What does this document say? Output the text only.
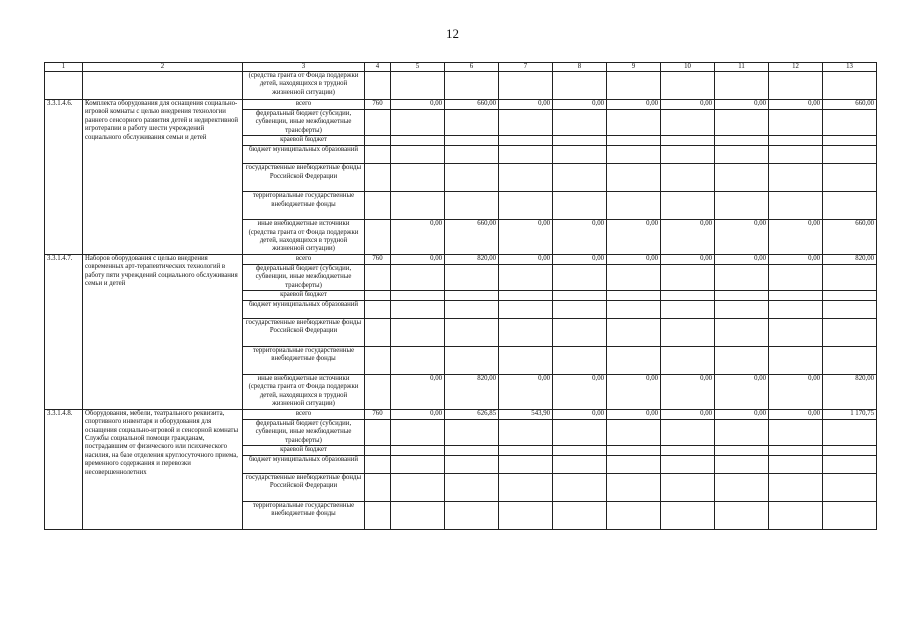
12
1	2	3	4	5	6	7	8	9	10	11	12	13
		(средства гранта от Фонда поддержки детей, находящихся в трудной жизненной ситуации)										
3.3.1.4.6.	Комплекта оборудования для оснащения социально-игровой комнаты с целью внедрения технологии раннего сенсорного развития детей и недирективной игротерапии в работу шести учреждений социального обслуживания семьи и детей	всего	760	0,00	660,00	0,00	0,00	0,00	0,00	0,00	0,00	660,00
		федеральный бюджет (субсидии, субвенции, иные межбюджетные трансферты)										
		краевой бюджет										
		бюджет муниципальных образований										
		государственные внебюджетные фонды Российской Федерации										
		территориальные государственные внебюджетные фонды										
		иные внебюджетные источники (средства гранта от Фонда поддержки детей, находящихся в трудной жизненной ситуации)		0,00	660,00	0,00	0,00	0,00	0,00	0,00	0,00	660,00
3.3.1.4.7.	Наборов оборудования с целью внедрения современных арт-терапевтических технологий в работу пяти учреждений социального обслуживания семьи и детей	всего	760	0,00	820,00	0,00	0,00	0,00	0,00	0,00	0,00	820,00
		федеральный бюджет (субсидии, субвенции, иные межбюджетные трансферты)										
		краевой бюджет										
		бюджет муниципальных образований										
		государственные внебюджетные фонды Российской Федерации										
		территориальные государственные внебюджетные фонды										
		иные внебюджетные источники (средства гранта от Фонда поддержки детей, находящихся в трудной жизненной ситуации)		0,00	820,00	0,00	0,00	0,00	0,00	0,00	0,00	820,00
3.3.1.4.8.	Оборудования, мебели, театрального реквизита, спортивного инвентаря и оборудования для оснащения социально-игровой и сенсорной комнаты Службы социальной помощи гражданам, пострадавшим от физического или психического насилия, на базе отделения круглосуточного приема, временного содержания и перевозки несовершеннолетних	всего	760	0,00	626,85	543,90	0,00	0,00	0,00	0,00	0,00	1 170,75
		федеральный бюджет (субсидии, субвенции, иные межбюджетные трансферты)										
		краевой бюджет										
		бюджет муниципальных образований										
		государственные внебюджетные фонды Российской Федерации										
		территориальные государственные внебюджетные фонды										
